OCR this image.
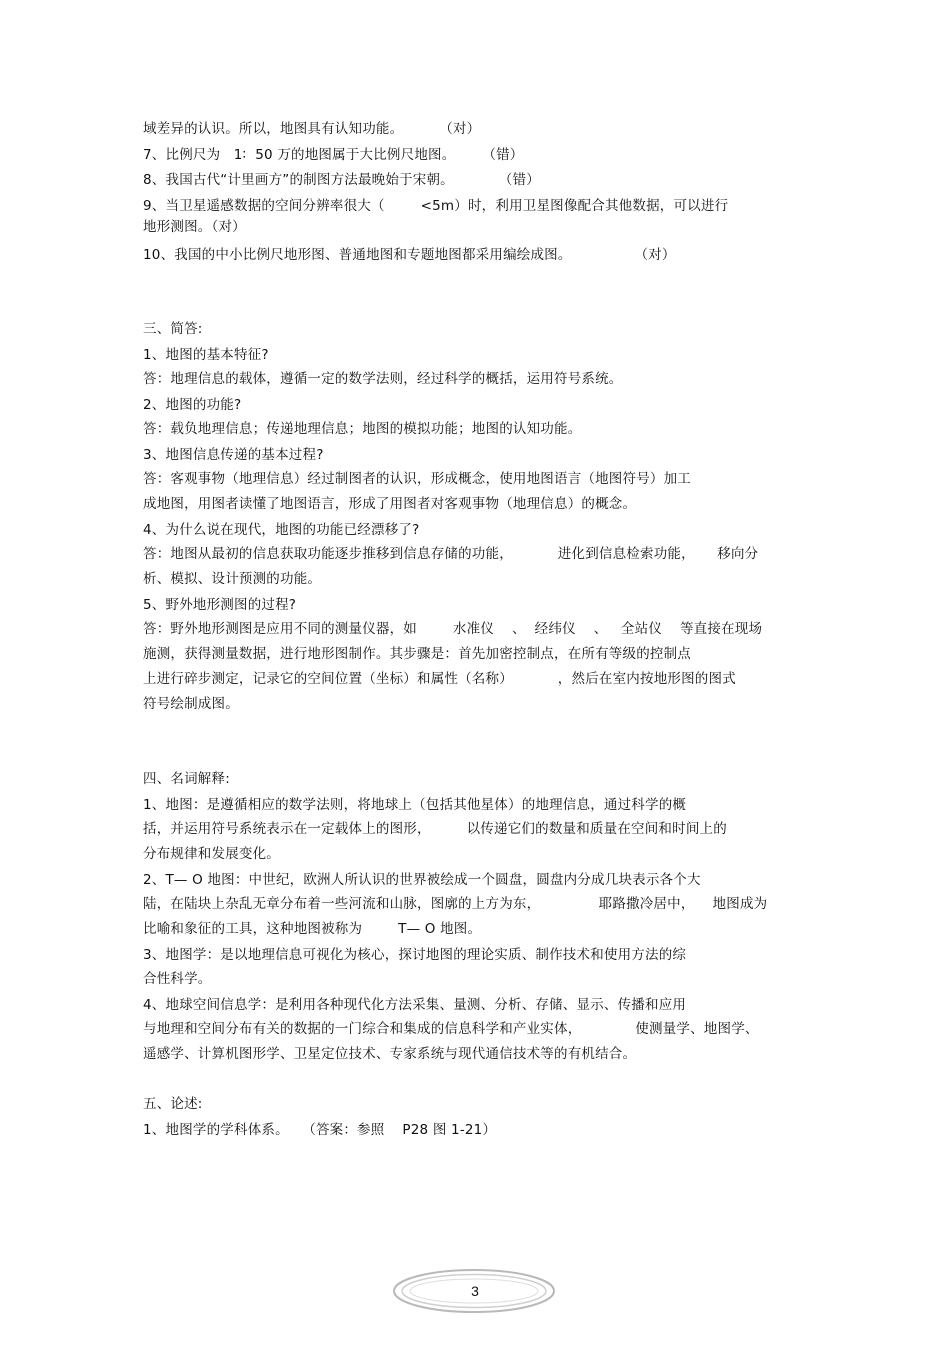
域差异的认识。所以，地图具有认知功能。        （对）

7、比例尺为   1∶  50 万的地图属于大比例尺地图。      （错）

8、我国古代“计里画方”的制图方法最晚始于宋朝。          （错）

9、当卫星遥感数据的空间分辨率很大（        <5m）时，利用卫星图像配合其他数据，可以进行

地形测图。（对）

10、我国的中小比例尺地形图、普通地图和专题地图都采用编绘成图。              （对）

三、简答:

1、地图的基本特征?

答：地理信息的载体，遵循一定的数学法则，经过科学的概括，运用符号系统。

2、地图的功能?

答：载负地理信息；传递地理信息；地图的模拟功能；地图的认知功能。

3、地图信息传递的基本过程?

答：客观事物（地理信息）经过制图者的认识，形成概念，使用地图语言（地图符号）加工

成地图，用图者读懂了地图语言，形成了用图者对客观事物（地理信息）的概念。

4、为什么说在现代，地图的功能已经漂移了?

答：地图从最初的信息获取功能逐步推移到信息存储的功能，          进化到信息检索功能，     移向分

析、模拟、设计预测的功能。

5、野外地形测图的过程?

答：野外地形测图是应用不同的测量仪器，如        水准仪    、  经纬仪    、   全站仪    等直接在现场

施测，获得测量数据，进行地形图制作。其步骤是：首先加密控制点，在所有等级的控制点

上进行碎步测定，记录它的空间位置（坐标）和属性（名称）          ，然后在室内按地形图的图式

符号绘制成图。

四、名词解释:

1、地图：是遵循相应的数学法则，将地球上（包括其他星体）的地理信息，通过科学的概

括，并运用符号系统表示在一定载体上的图形，        以传递它们的数量和质量在空间和时间上的

分布规律和发展变化。

2、T— O 地图：中世纪，欧洲人所认识的世界被绘成一个圆盘，圆盘内分成几块表示各个大

陆，在陆块上杂乱无章分布着一些河流和山脉，图廓的上方为东，             耶路撒冷居中，    地图成为

比喻和象征的工具，这种地图被称为        T— O 地图。

3、地图学：是以地理信息可视化为核心，探讨地图的理论实质、制作技术和使用方法的综

合性科学。

4、地球空间信息学：是利用各种现代化方法采集、量测、分析、存储、显示、传播和应用

与地理和空间分布有关的数据的一门综合和集成的信息科学和产业实体，            使测量学、地图学、

遥感学、计算机图形学、卫星定位技术、专家系统与现代通信技术等的有机结合。

五、论述:

1、地图学的学科体系。   （答案：参照    P28 图 1-21）

3
